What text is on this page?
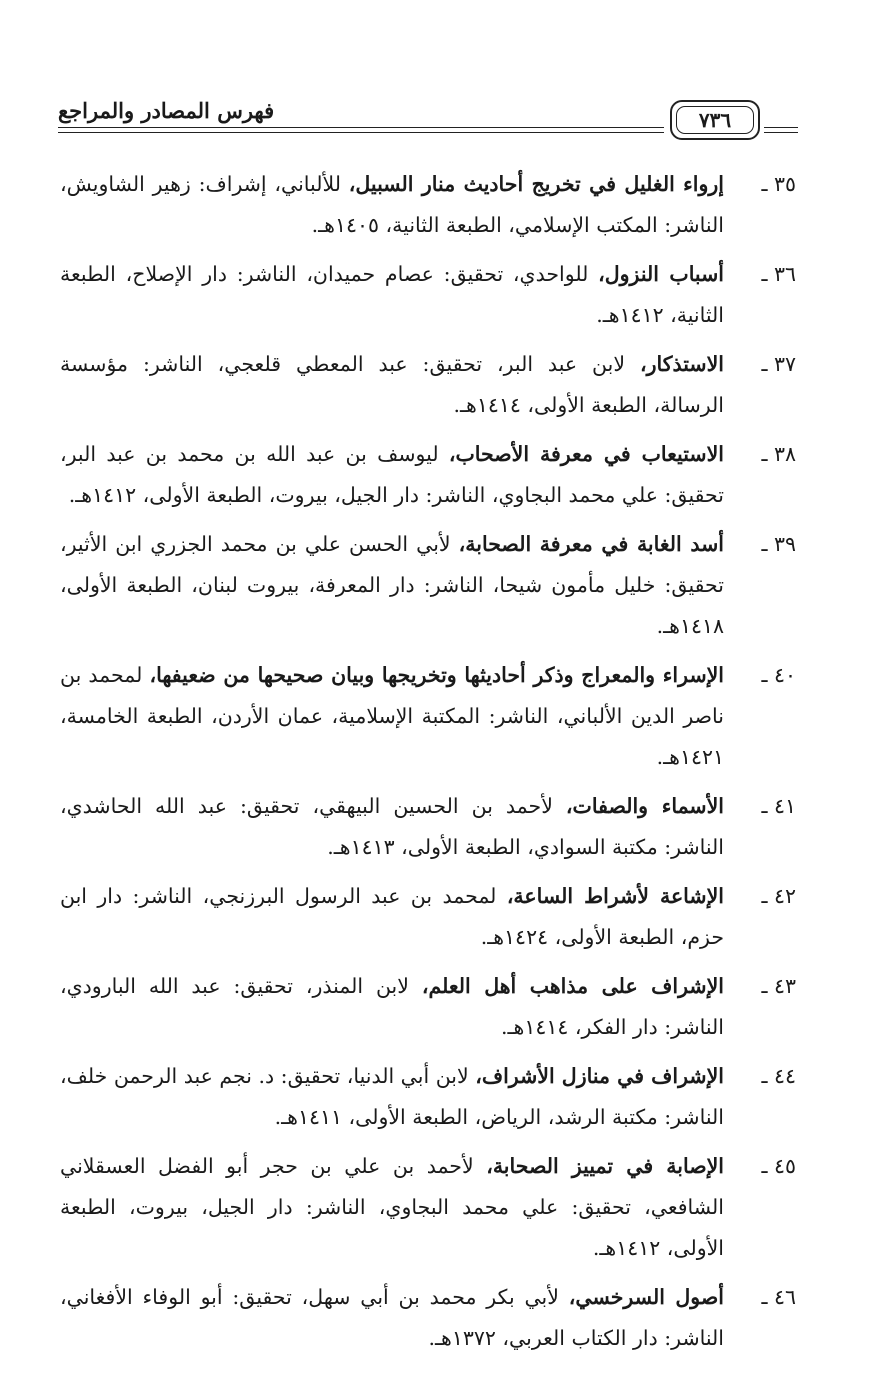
فهرس المصادر والمراجع	٧٣٦
٣٥ ـ
إرواء الغليل في تخريج أحاديث منار السبيل، للألباني، إشراف: زهير الشاويش، الناشر: المكتب الإسلامي، الطبعة الثانية، ١٤٠٥هـ.
٣٦ ـ
أسباب النزول، للواحدي، تحقيق: عصام حميدان، الناشر: دار الإصلاح، الطبعة الثانية، ١٤١٢هـ.
٣٧ ـ
الاستذكار، لابن عبد البر، تحقيق: عبد المعطي قلعجي، الناشر: مؤسسة الرسالة، الطبعة الأولى، ١٤١٤هـ.
٣٨ ـ
الاستيعاب في معرفة الأصحاب، ليوسف بن عبد الله بن محمد بن عبد البر، تحقيق: علي محمد البجاوي، الناشر: دار الجيل، بيروت، الطبعة الأولى، ١٤١٢هـ.
٣٩ ـ
أسد الغابة في معرفة الصحابة، لأبي الحسن علي بن محمد الجزري ابن الأثير، تحقيق: خليل مأمون شيحا، الناشر: دار المعرفة، بيروت لبنان، الطبعة الأولى، ١٤١٨هـ.
٤٠ ـ
الإسراء والمعراج وذكر أحاديثها وتخريجها وبيان صحيحها من ضعيفها، لمحمد بن ناصر الدين الألباني، الناشر: المكتبة الإسلامية، عمان الأردن، الطبعة الخامسة، ١٤٢١هـ.
٤١ ـ
الأسماء والصفات، لأحمد بن الحسين البيهقي، تحقيق: عبد الله الحاشدي، الناشر: مكتبة السوادي، الطبعة الأولى، ١٤١٣هـ.
٤٢ ـ
الإشاعة لأشراط الساعة، لمحمد بن عبد الرسول البرزنجي، الناشر: دار ابن حزم، الطبعة الأولى، ١٤٢٤هـ.
٤٣ ـ
الإشراف على مذاهب أهل العلم، لابن المنذر، تحقيق: عبد الله البارودي، الناشر: دار الفكر، ١٤١٤هـ.
٤٤ ـ
الإشراف في منازل الأشراف، لابن أبي الدنيا، تحقيق: د. نجم عبد الرحمن خلف، الناشر: مكتبة الرشد، الرياض، الطبعة الأولى، ١٤١١هـ.
٤٥ ـ
الإصابة في تمييز الصحابة، لأحمد بن علي بن حجر أبو الفضل العسقلاني الشافعي، تحقيق: علي محمد البجاوي، الناشر: دار الجيل، بيروت، الطبعة الأولى، ١٤١٢هـ.
٤٦ ـ
أصول السرخسي، لأبي بكر محمد بن أبي سهل، تحقيق: أبو الوفاء الأفغاني، الناشر: دار الكتاب العربي، ١٣٧٢هـ.
